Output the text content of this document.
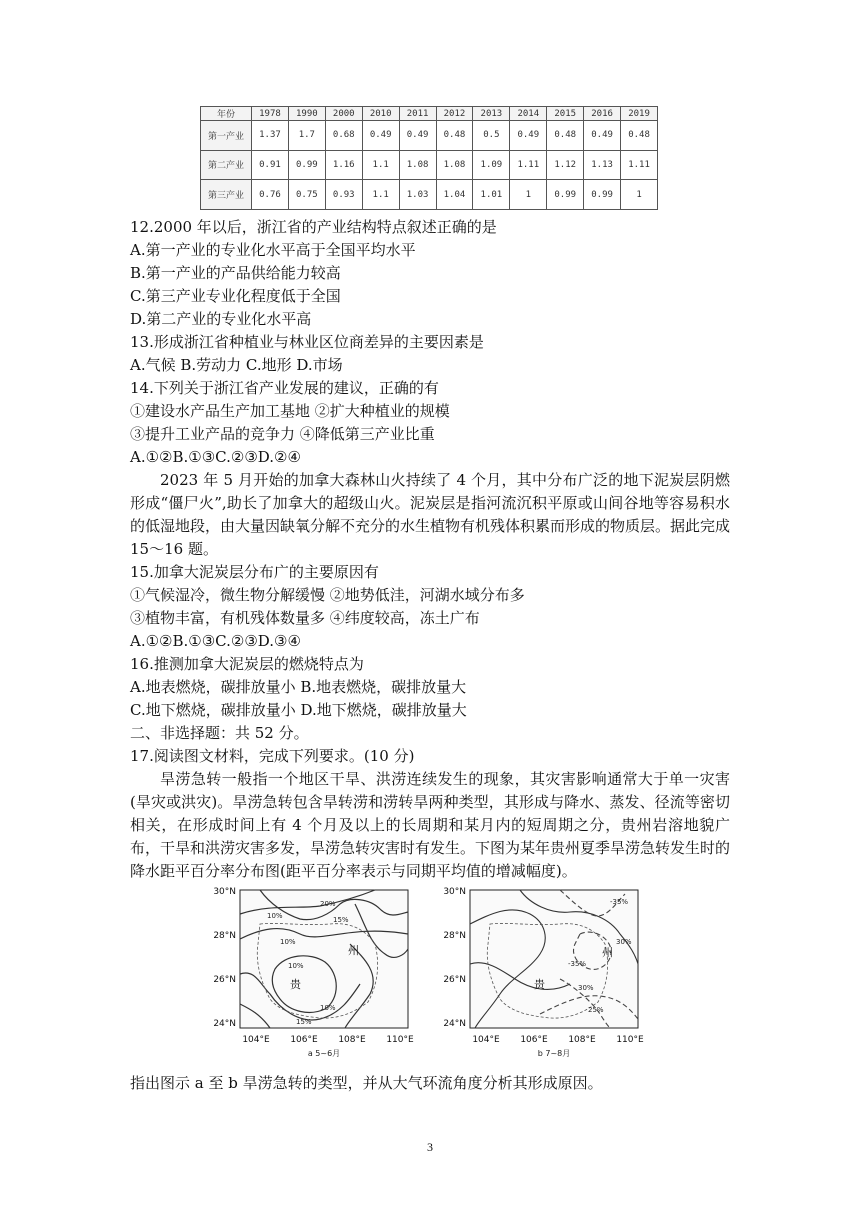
年份	1978	1990	2000	2010	2011	2012	2013	2014	2015	2016	2019
第一产业	1.37	1.7	0.68	0.49	0.49	0.48	0.5	0.49	0.48	0.49	0.48
第二产业	0.91	0.99	1.16	1.1	1.08	1.08	1.09	1.11	1.12	1.13	1.11
第三产业	0.76	0.75	0.93	1.1	1.03	1.04	1.01	1	0.99	0.99	1
12.2000 年以后，浙江省的产业结构特点叙述正确的是
A.第一产业的专业化水平高于全国平均水平
B.第一产业的产品供给能力较高
C.第三产业专业化程度低于全国
D.第二产业的专业化水平高
13.形成浙江省种植业与林业区位商差异的主要因素是
A.气候 B.劳动力 C.地形 D.市场
14.下列关于浙江省产业发展的建议，正确的有
①建设水产品生产加工基地 ②扩大种植业的规模
③提升工业产品的竞争力 ④降低第三产业比重
A.①②B.①③C.②③D.②④
2023 年 5 月开始的加拿大森林山火持续了 4 个月，其中分布广泛的地下泥炭层阴燃形成“僵尸火”,助长了加拿大的超级山火。泥炭层是指河流沉积平原或山间谷地等容易积水的低湿地段，由大量因缺氧分解不充分的水生植物有机残体积累而形成的物质层。据此完成 15～16 题。
15.加拿大泥炭层分布广的主要原因有
①气候湿冷，微生物分解缓慢 ②地势低洼，河湖水域分布多
③植物丰富，有机残体数量多 ④纬度较高，冻土广布
A.①②B.①③C.②③D.③④
16.推测加拿大泥炭层的燃烧特点为
A.地表燃烧，碳排放量小 B.地表燃烧，碳排放量大
C.地下燃烧，碳排放量小 D.地下燃烧，碳排放量大
二、非选择题：共 52 分。
17.阅读图文材料，完成下列要求。(10 分)
旱涝急转一般指一个地区干旱、洪涝连续发生的现象，其灾害影响通常大于单一灾害(旱灾或洪灾)。旱涝急转包含旱转涝和涝转旱两种类型，其形成与降水、蒸发、径流等密切相关，在形成时间上有 4 个月及以上的长周期和某月内的短周期之分，贵州岩溶地貌广布，干旱和洪涝灾害多发，旱涝急转灾害时有发生。下图为某年贵州夏季旱涝急转发生时的降水距平百分率分布图(距平百分率表示与同期平均值的增减幅度)。
20%
15%
10%
10%
10%
15%
10%
州
贵
30°N
28°N
26°N
24°N
104°E 106°E 108°E 110°E
a 5~6月
-35%
30%
-35%
30%
25%
州
贵
30°N
28°N
26°N
24°N
104°E 106°E 108°E 110°E
b 7~8月
指出图示 a 至 b 旱涝急转的类型，并从大气环流角度分析其形成原因。
3
